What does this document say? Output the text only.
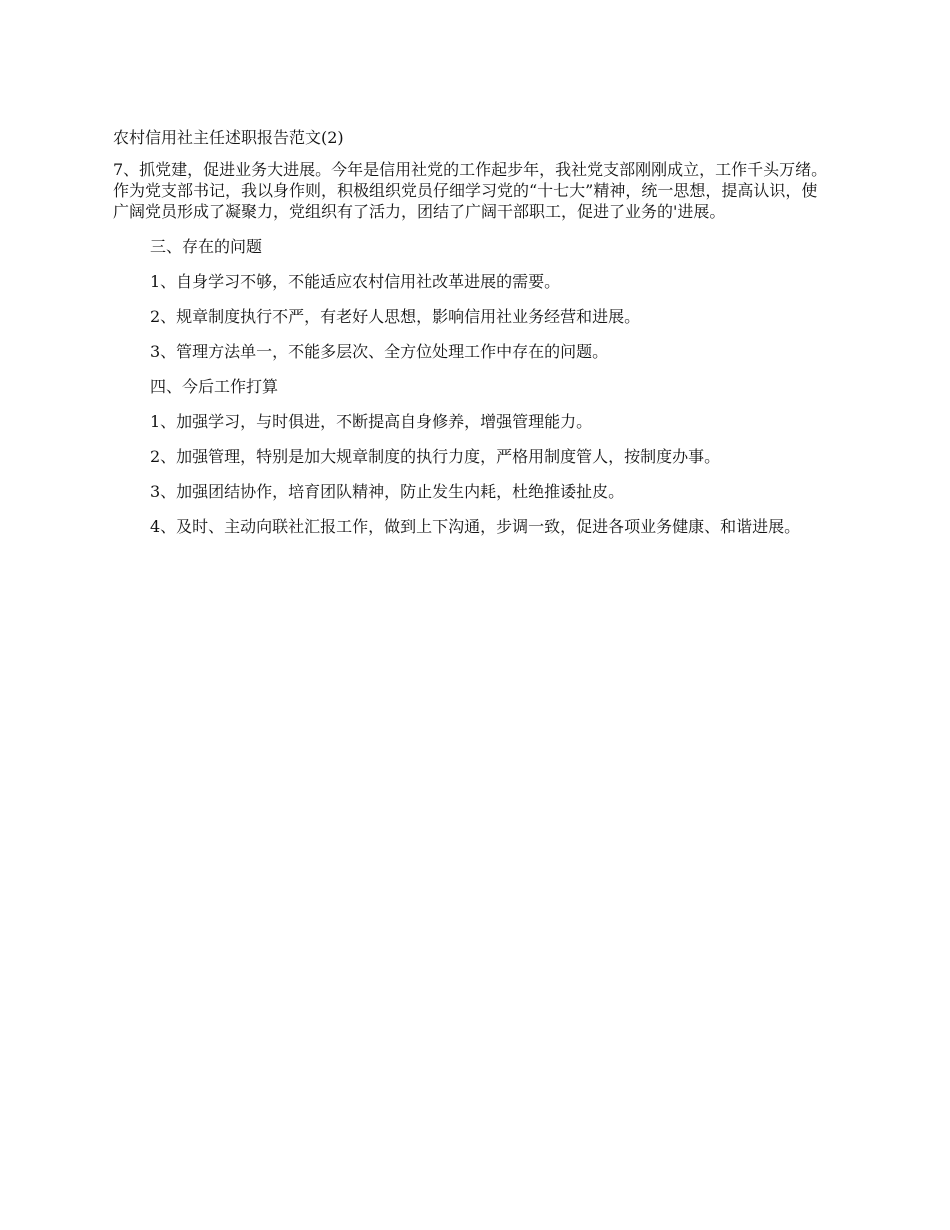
农村信用社主任述职报告范文(2)

7、抓党建，促进业务大进展。今年是信用社党的工作起步年，我社党支部刚刚成立，工作千头万绪。作为党支部书记，我以身作则，积极组织党员仔细学习党的“十七大”精神，统一思想，提高认识，使广阔党员形成了凝聚力，党组织有了活力，团结了广阔干部职工，促进了业务的'进展。

三、存在的问题

1、自身学习不够，不能适应农村信用社改革进展的需要。

2、规章制度执行不严，有老好人思想，影响信用社业务经营和进展。

3、管理方法单一，不能多层次、全方位处理工作中存在的问题。

四、今后工作打算

1、加强学习，与时俱进，不断提高自身修养，增强管理能力。

2、加强管理，特别是加大规章制度的执行力度，严格用制度管人，按制度办事。

3、加强团结协作，培育团队精神，防止发生内耗，杜绝推诿扯皮。

4、及时、主动向联社汇报工作，做到上下沟通，步调一致，促进各项业务健康、和谐进展。
